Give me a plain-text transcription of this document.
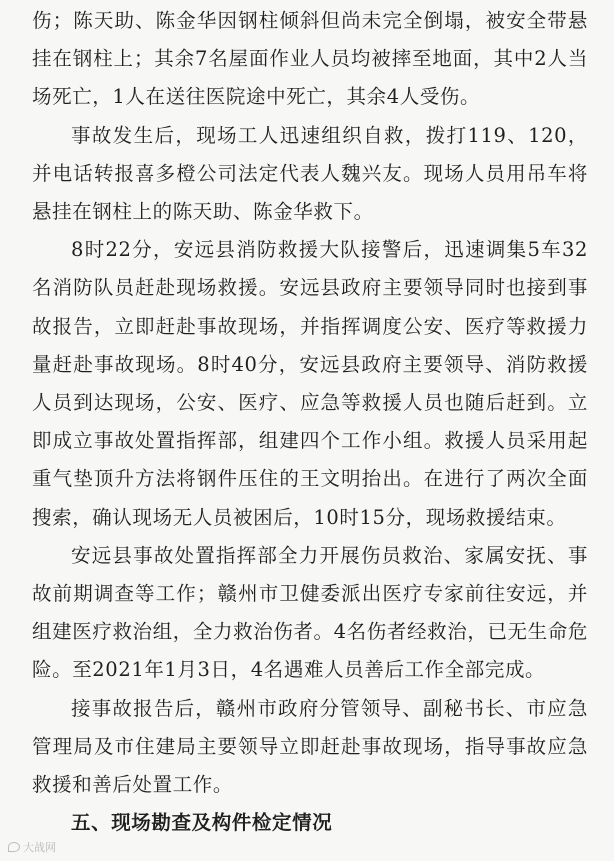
伤；陈天助、陈金华因钢柱倾斜但尚未完全倒塌，被安全带悬挂在钢柱上；其余7名屋面作业人员均被摔至地面，其中2人当场死亡，1人在送往医院途中死亡，其余4人受伤。

事故发生后，现场工人迅速组织自救，拨打119、120，并电话转报喜多橙公司法定代表人魏兴友。现场人员用吊车将悬挂在钢柱上的陈天助、陈金华救下。

8时22分，安远县消防救援大队接警后，迅速调集5车32名消防队员赶赴现场救援。安远县政府主要领导同时也接到事故报告，立即赶赴事故现场，并指挥调度公安、医疗等救援力量赶赴事故现场。8时40分，安远县政府主要领导、消防救援人员到达现场，公安、医疗、应急等救援人员也随后赶到。立即成立事故处置指挥部，组建四个工作小组。救援人员采用起重气垫顶升方法将钢件压住的王文明抬出。在进行了两次全面搜索，确认现场无人员被困后，10时15分，现场救援结束。

安远县事故处置指挥部全力开展伤员救治、家属安抚、事故前期调查等工作；赣州市卫健委派出医疗专家前往安远，并组建医疗救治组，全力救治伤者。4名伤者经救治，已无生命危险。至2021年1月3日，4名遇难人员善后工作全部完成。

接事故报告后，赣州市政府分管领导、副秘书长、市应急管理局及市住建局主要领导立即赶赴事故现场，指导事故应急救援和善后处置工作。

五、现场勘查及构件检定情况

大战网
